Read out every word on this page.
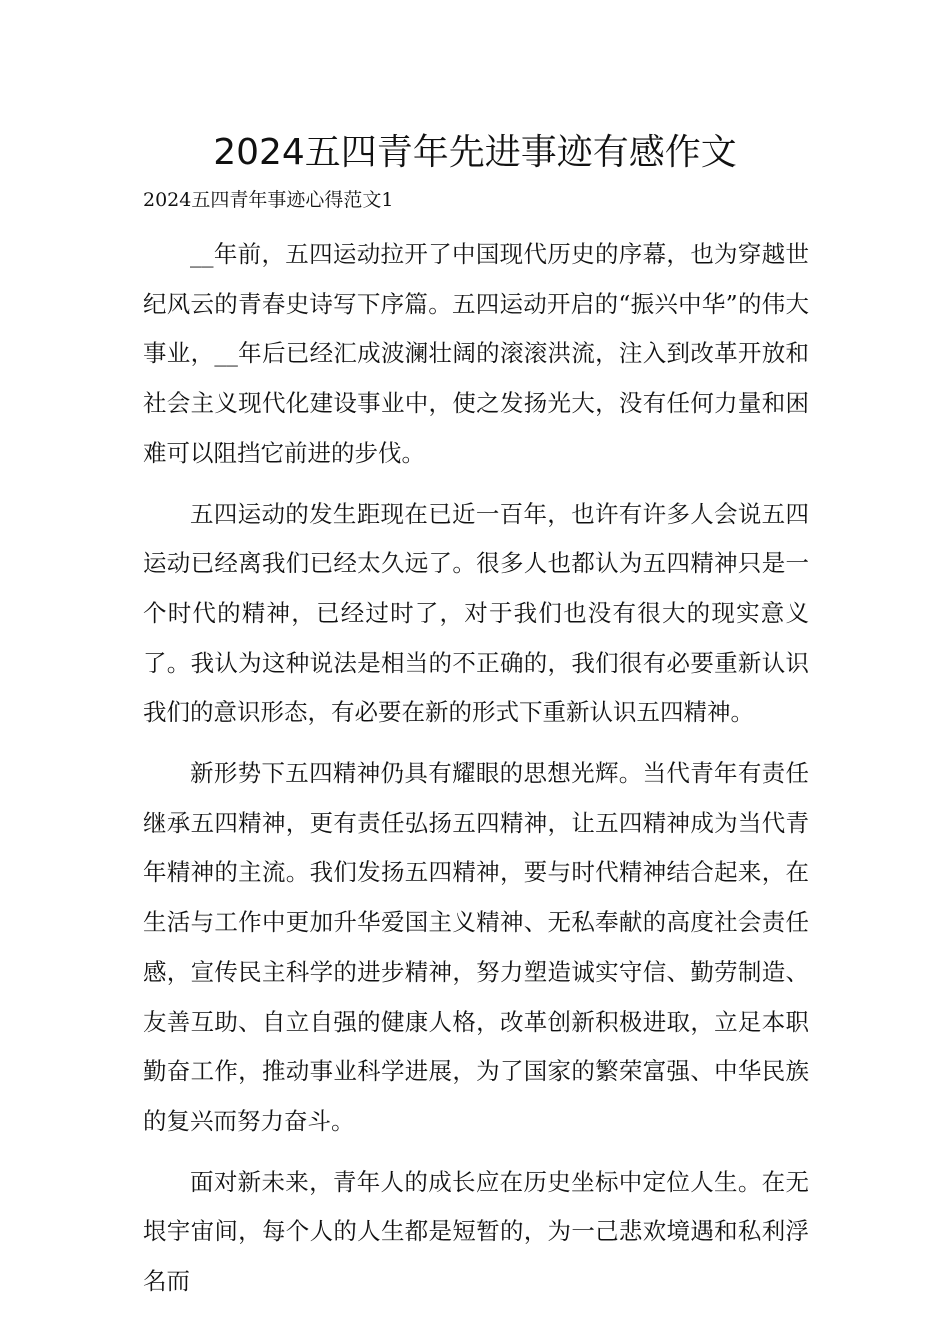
2024五四青年先进事迹有感作文

2024五四青年事迹心得范文1

__年前，五四运动拉开了中国现代历史的序幕，也为穿越世纪风云的青春史诗写下序篇。五四运动开启的“振兴中华”的伟大事业，__年后已经汇成波澜壮阔的滚滚洪流，注入到改革开放和社会主义现代化建设事业中，使之发扬光大，没有任何力量和困难可以阻挡它前进的步伐。

五四运动的发生距现在已近一百年，也许有许多人会说五四运动已经离我们已经太久远了。很多人也都认为五四精神只是一个时代的精神，已经过时了，对于我们也没有很大的现实意义了。我认为这种说法是相当的不正确的，我们很有必要重新认识我们的意识形态，有必要在新的形式下重新认识五四精神。

新形势下五四精神仍具有耀眼的思想光辉。当代青年有责任继承五四精神，更有责任弘扬五四精神，让五四精神成为当代青年精神的主流。我们发扬五四精神，要与时代精神结合起来，在生活与工作中更加升华爱国主义精神、无私奉献的高度社会责任感，宣传民主科学的进步精神，努力塑造诚实守信、勤劳制造、友善互助、自立自强的健康人格，改革创新积极进取，立足本职勤奋工作，推动事业科学进展，为了国家的繁荣富强、中华民族的复兴而努力奋斗。

面对新未来，青年人的成长应在历史坐标中定位人生。在无垠宇宙间，每个人的人生都是短暂的，为一己悲欢境遇和私利浮名而
